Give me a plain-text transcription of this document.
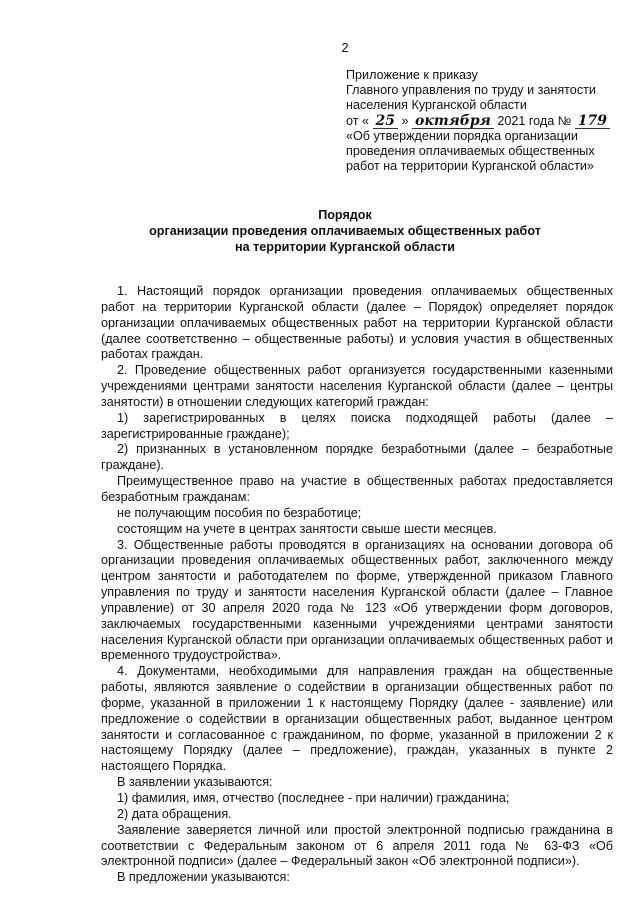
2
Приложение к приказу
Главного управления по труду и занятости
населения Курганской области
от « 25 » октября 2021 года № 179
«Об утверждении порядка организации
проведения оплачиваемых общественных
работ на территории Курганской области»
Порядок
организации проведения оплачиваемых общественных работ
на территории Курганской области

1. Настоящий порядок организации проведения оплачиваемых общественных работ на территории Курганской области (далее – Порядок) определяет порядок организации оплачиваемых общественных работ на территории Курганской области (далее соответственно – общественные работы) и условия участия в общественных работах граждан.

2. Проведение общественных работ организуется государственными казенными учреждениями центрами занятости населения Курганской области (далее – центры занятости) в отношении следующих категорий граждан:

1) зарегистрированных в целях поиска подходящей работы (далее – зарегистрированные граждане);

2) признанных в установленном порядке безработными (далее – безработные граждане).

Преимущественное право на участие в общественных работах предоставляется безработным гражданам:

не получающим пособия по безработице;

состоящим на учете в центрах занятости свыше шести месяцев.

3. Общественные работы проводятся в организациях на основании договора об организации проведения оплачиваемых общественных работ, заключенного между центром занятости и работодателем по форме, утвержденной приказом Главного управления по труду и занятости населения Курганской области (далее – Главное управление) от 30 апреля 2020 года № 123 «Об утверждении форм договоров, заключаемых государственными казенными учреждениями центрами занятости населения Курганской области при организации оплачиваемых общественных работ и временного трудоустройства».

4. Документами, необходимыми для направления граждан на общественные работы, являются заявление о содействии в организации общественных работ по форме, указанной в приложении 1 к настоящему Порядку (далее - заявление) или предложение о содействии в организации общественных работ, выданное центром занятости и согласованное с гражданином, по форме, указанной в приложении 2 к настоящему Порядку (далее – предложение), граждан, указанных в пункте 2 настоящего Порядка.

В заявлении указываются:

1) фамилия, имя, отчество (последнее - при наличии) гражданина;

2) дата обращения.

Заявление заверяется личной или простой электронной подписью гражданина в соответствии с Федеральным законом от 6 апреля 2011 года № 63-ФЗ «Об электронной подписи» (далее – Федеральный закон «Об электронной подписи»).

В предложении указываются:
